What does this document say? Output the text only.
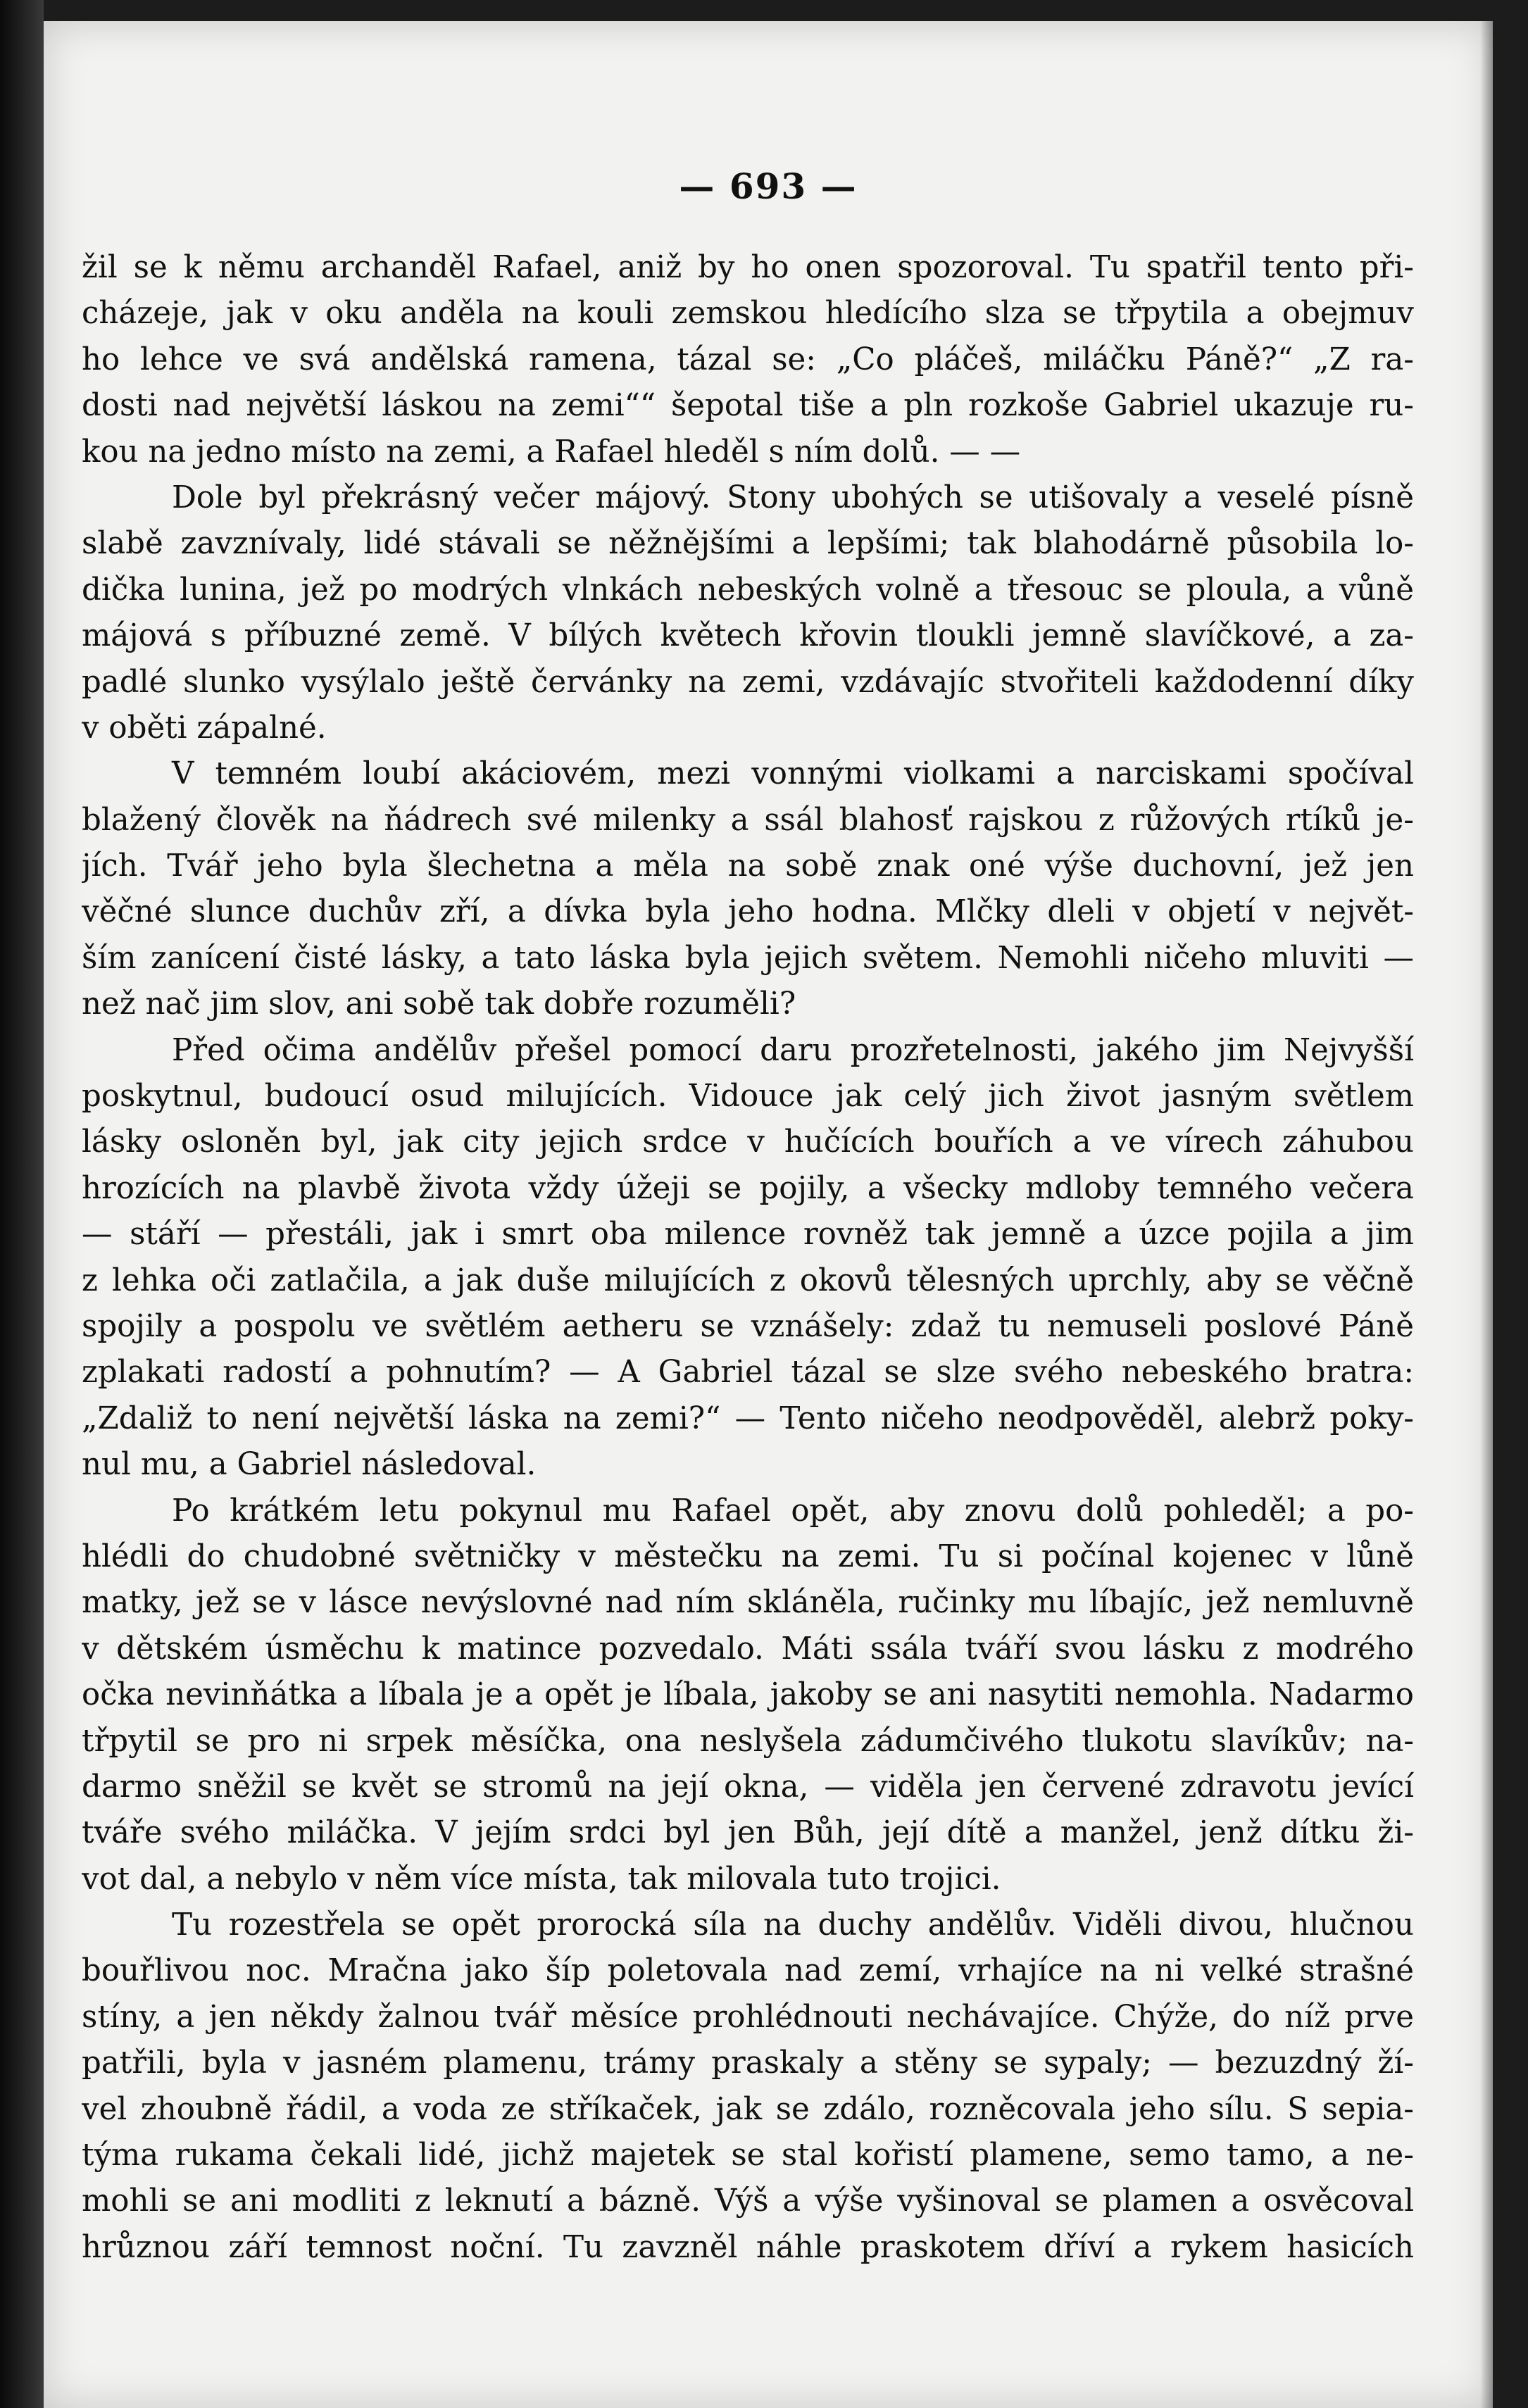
— 693 —
žil se k němu archanděl Rafael, aniž by ho onen spozoroval. Tu spatřil tento při-
cházeje, jak v oku anděla na kouli zemskou hledícího slza se třpytila a obejmuv
ho lehce ve svá andělská ramena, tázal se: „Co pláčeš, miláčku Páně?“ „Z ra-
dosti nad největší láskou na zemi““ šepotal tiše a pln rozkoše Gabriel ukazuje ru-
kou na jedno místo na zemi, a Rafael hleděl s ním dolů. — —
Dole byl překrásný večer májový. Stony ubohých se utišovaly a veselé písně
slabě zavznívaly, lidé stávali se něžnějšími a lepšími; tak blahodárně působila lo-
dička lunina, jež po modrých vlnkách nebeských volně a třesouc se ploula, a vůně
májová s příbuzné země. V bílých květech křovin tloukli jemně slavíčkové, a za-
padlé slunko vysýlalo ještě červánky na zemi, vzdávajíc stvořiteli každodenní díky
v oběti zápalné.
V temném loubí akáciovém, mezi vonnými violkami a narciskami spočíval
blažený člověk na ňádrech své milenky a ssál blahosť rajskou z růžových rtíků je-
jích. Tvář jeho byla šlechetna a měla na sobě znak oné výše duchovní, jež jen
věčné slunce duchův zří, a dívka byla jeho hodna. Mlčky dleli v objetí v největ-
ším zanícení čisté lásky, a tato láska byla jejich světem. Nemohli ničeho mluviti —
než nač jim slov, ani sobě tak dobře rozuměli?
Před očima andělův přešel pomocí daru prozřetelnosti, jakého jim Nejvyšší
poskytnul, budoucí osud milujících. Vidouce jak celý jich život jasným světlem
lásky osloněn byl, jak city jejich srdce v hučících bouřích a ve vírech záhubou
hrozících na plavbě života vždy úžeji se pojily, a všecky mdloby temného večera
— stáří — přestáli, jak i smrt oba milence rovněž tak jemně a úzce pojila a jim
z lehka oči zatlačila, a jak duše milujících z okovů tělesných uprchly, aby se věčně
spojily a pospolu ve světlém aetheru se vznášely: zdaž tu nemuseli poslové Páně
zplakati radostí a pohnutím? — A Gabriel tázal se slze svého nebeského bratra:
„Zdaliž to není největší láska na zemi?“ — Tento ničeho neodpověděl, alebrž poky-
nul mu, a Gabriel následoval.
Po krátkém letu pokynul mu Rafael opět, aby znovu dolů pohleděl; a po-
hlédli do chudobné světničky v městečku na zemi. Tu si počínal kojenec v lůně
matky, jež se v lásce nevýslovné nad ním skláněla, ručinky mu líbajíc, jež nemluvně
v dětském úsměchu k matince pozvedalo. Máti ssála tváří svou lásku z modrého
očka nevinňátka a líbala je a opět je líbala, jakoby se ani nasytiti nemohla. Nadarmo
třpytil se pro ni srpek měsíčka, ona neslyšela zádumčivého tlukotu slavíkův; na-
darmo sněžil se květ se stromů na její okna, — viděla jen červené zdravotu jevící
tváře svého miláčka. V jejím srdci byl jen Bůh, její dítě a manžel, jenž dítku ži-
vot dal, a nebylo v něm více místa, tak milovala tuto trojici.
Tu rozestřela se opět prorocká síla na duchy andělův. Viděli divou, hlučnou
bouřlivou noc. Mračna jako šíp poletovala nad zemí, vrhajíce na ni velké strašné
stíny, a jen někdy žalnou tvář měsíce prohlédnouti nechávajíce. Chýže, do níž prve
patřili, byla v jasném plamenu, trámy praskaly a stěny se sypaly; — bezuzdný ží-
vel zhoubně řádil, a voda ze stříkaček, jak se zdálo, rozněcovala jeho sílu. S sepia-
týma rukama čekali lidé, jichž majetek se stal kořistí plamene, semo tamo, a ne-
mohli se ani modliti z leknutí a bázně. Výš a výše vyšinoval se plamen a osvěcoval
hrůznou září temnost noční. Tu zavzněl náhle praskotem dříví a rykem hasicích
